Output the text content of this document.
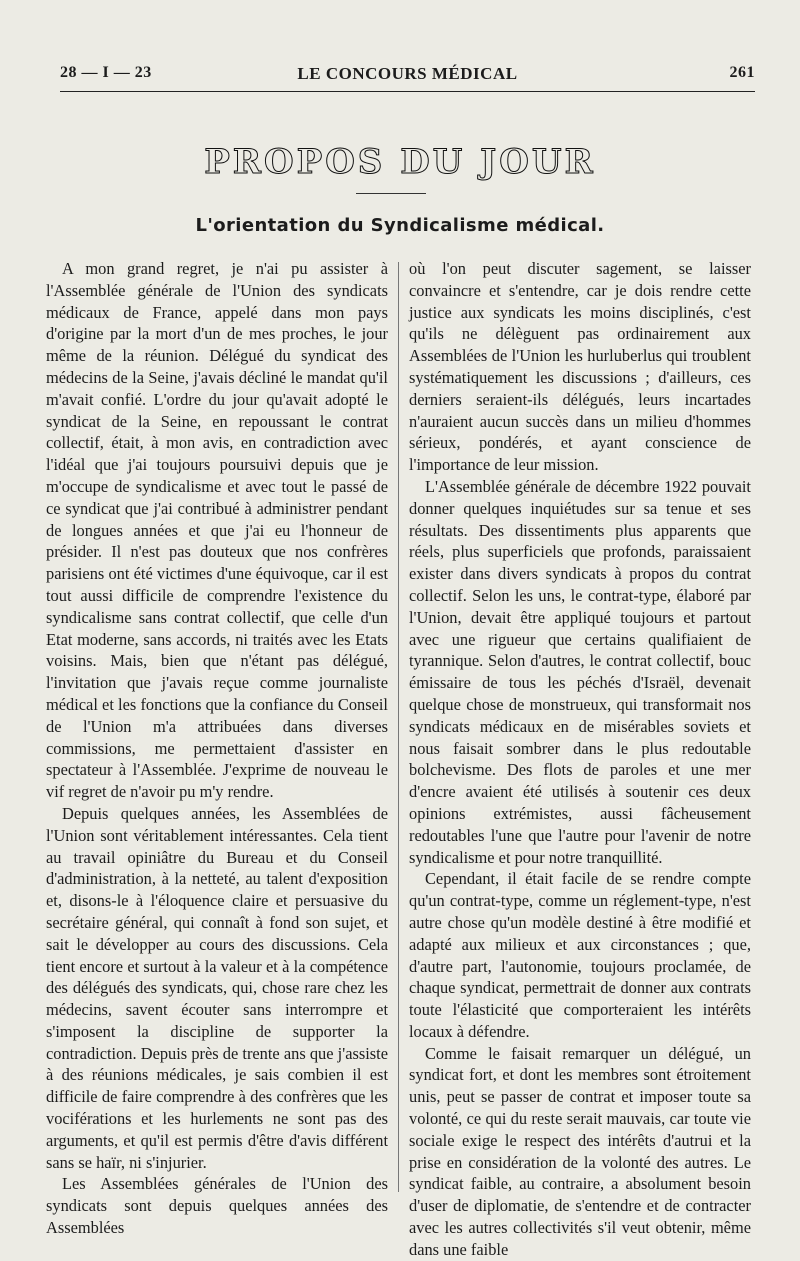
28 — I — 23	LE CONCOURS MÉDICAL	261
PROPOS DU JOUR
L'orientation du Syndicalisme médical.

A mon grand regret, je n'ai pu assister à l'Assemblée générale de l'Union des syndicats médicaux de France, appelé dans mon pays d'origine par la mort d'un de mes proches, le jour même de la réunion. Délégué du syndicat des médecins de la Seine, j'avais décliné le mandat qu'il m'avait confié. L'ordre du jour qu'avait adopté le syndicat de la Seine, en repoussant le contrat collectif, était, à mon avis, en contradiction avec l'idéal que j'ai toujours poursuivi depuis que je m'occupe de syndicalisme et avec tout le passé de ce syndicat que j'ai contribué à administrer pendant de longues années et que j'ai eu l'honneur de présider. Il n'est pas douteux que nos confrères parisiens ont été victimes d'une équivoque, car il est tout aussi difficile de comprendre l'existence du syndicalisme sans contrat collectif, que celle d'un Etat moderne, sans accords, ni traités avec les Etats voisins. Mais, bien que n'étant pas délégué, l'invitation que j'avais reçue comme journaliste médical et les fonctions que la confiance du Conseil de l'Union m'a attribuées dans diverses commissions, me permettaient d'assister en spectateur à l'Assemblée. J'exprime de nouveau le vif regret de n'avoir pu m'y rendre.

Depuis quelques années, les Assemblées de l'Union sont véritablement intéressantes. Cela tient au travail opiniâtre du Bureau et du Conseil d'administration, à la netteté, au talent d'exposition et, disons-le à l'éloquence claire et persuasive du secrétaire général, qui connaît à fond son sujet, et sait le développer au cours des discussions. Cela tient encore et surtout à la valeur et à la compétence des délégués des syndicats, qui, chose rare chez les médecins, savent écouter sans interrompre et s'imposent la discipline de supporter la contradiction. Depuis près de trente ans que j'assiste à des réunions médicales, je sais combien il est difficile de faire comprendre à des confrères que les vociférations et les hurlements ne sont pas des arguments, et qu'il est permis d'être d'avis différent sans se haïr, ni s'injurier.

Les Assemblées générales de l'Union des syndicats sont depuis quelques années des Assemblées

où l'on peut discuter sagement, se laisser convaincre et s'entendre, car je dois rendre cette justice aux syndicats les moins disciplinés, c'est qu'ils ne délèguent pas ordinairement aux Assemblées de l'Union les hurluberlus qui troublent systématiquement les discussions ; d'ailleurs, ces derniers seraient-ils délégués, leurs incartades n'auraient aucun succès dans un milieu d'hommes sérieux, pondérés, et ayant conscience de l'importance de leur mission.

L'Assemblée générale de décembre 1922 pouvait donner quelques inquiétudes sur sa tenue et ses résultats. Des dissentiments plus apparents que réels, plus superficiels que profonds, paraissaient exister dans divers syndicats à propos du contrat collectif. Selon les uns, le contrat-type, élaboré par l'Union, devait être appliqué toujours et partout avec une rigueur que certains qualifiaient de tyrannique. Selon d'autres, le contrat collectif, bouc émissaire de tous les péchés d'Israël, devenait quelque chose de monstrueux, qui transformait nos syndicats médicaux en de misérables soviets et nous faisait sombrer dans le plus redoutable bolchevisme. Des flots de paroles et une mer d'encre avaient été utilisés à soutenir ces deux opinions extrémistes, aussi fâcheusement redoutables l'une que l'autre pour l'avenir de notre syndicalisme et pour notre tranquillité.

Cependant, il était facile de se rendre compte qu'un contrat-type, comme un réglement-type, n'est autre chose qu'un modèle destiné à être modifié et adapté aux milieux et aux circonstances ; que, d'autre part, l'autonomie, toujours proclamée, de chaque syndicat, permettrait de donner aux contrats toute l'élasticité que comporteraient les intérêts locaux à défendre.

Comme le faisait remarquer un délégué, un syndicat fort, et dont les membres sont étroitement unis, peut se passer de contrat et imposer toute sa volonté, ce qui du reste serait mauvais, car toute vie sociale exige le respect des intérêts d'autrui et la prise en considération de la volonté des autres. Le syndicat faible, au contraire, a absolument besoin d'user de diplomatie, de s'entendre et de contracter avec les autres collectivités s'il veut obtenir, même dans une faible
